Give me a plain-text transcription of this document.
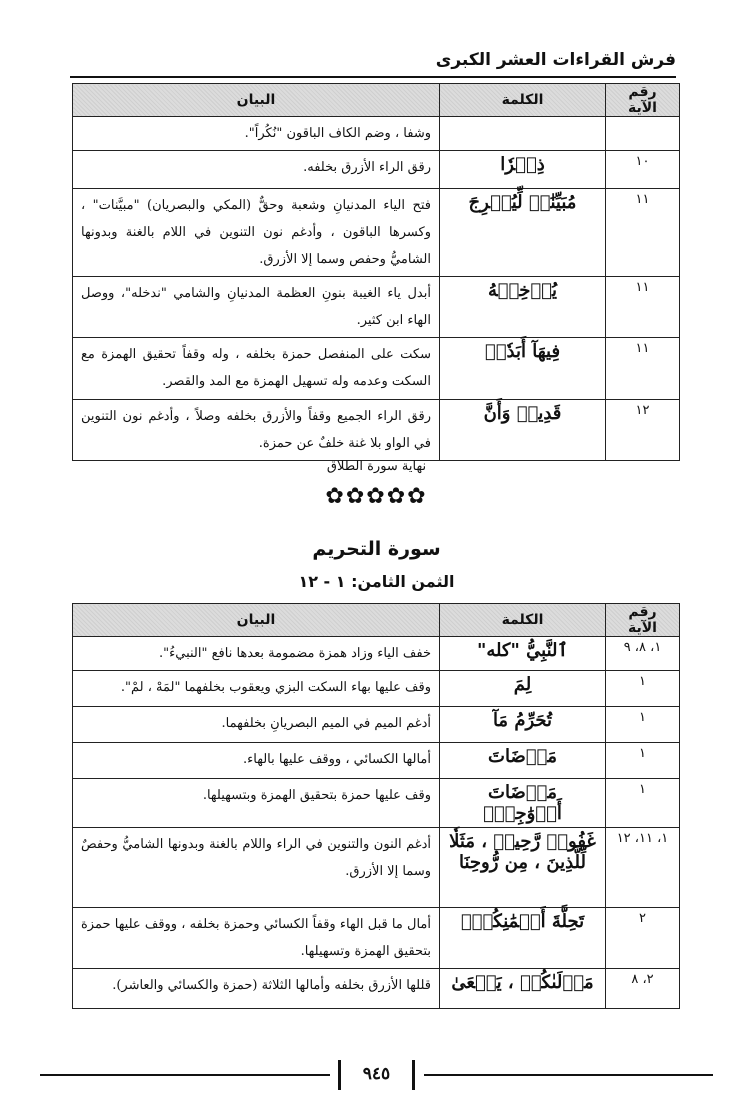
فرش القراءات العشر الكبرى
رقم الآية	الكلمة	البيان
		وشفا ، وضم الكاف الباقون "نُكُراً".
١٠	ذِكۡرٗا	رقق الراء الأزرق بخلفه.
١١	مُبَيِّنَٰتٖ لِّيُخۡرِجَ	فتح الياء المدنيانِ وشعبة وحقٌّ (المكي والبصريان) "مبيَّنات" ، وكسرها الباقون ، وأدغم نون التنوين في اللام بالغنة وبدونها الشاميُّ وحفص وسما إلا الأزرق.
١١	يُدۡخِلۡهُ	أبدل ياء الغيبة بنونِ العظمة المدنيانِ والشامي "ندخله"، ووصل الهاء ابن كثير.
١١	فِيهَآ أَبَدٗاۖ	سكت على المنفصل حمزة بخلفه ، وله وقفاً تحقيق الهمزة مع السكت وعدمه وله تسهيل الهمزة مع المد والقصر.
١٢	قَدِيرٞ وَأَنَّ	رقق الراء الجميع وقفاً والأزرق بخلفه وصلاً ، وأدغم نون التنوين في الواو بلا غنة خلفٌ عن حمزة.
نهاية سورة الطلاق
✿✿✿✿✿
سورة التحريم
الثمن الثامن: ١ - ١٢
رقم الآية	الكلمة	البيان
١، ٨، ٩	ٱلنَّبِيُّ "كله"	خفف الياء وزاد همزة مضمومة بعدها نافع "النبيءُ".
١	لِمَ	وقف عليها بهاء السكت البزي ويعقوب بخلفهما "لمَهْ ، لمْ".
١	تُحَرِّمُ مَآ	أدغم الميم في الميم البصريانِ بخلفهما.
١	مَرۡضَاتَ	أمالها الكسائي ، ووقف عليها بالهاء.
١	مَرۡضَاتَ أَزۡوَٰجِكَۚ	وقف عليها حمزة بتحقيق الهمزة وبتسهيلها.
١، ١١، ١٢	غَفُورٞ رَّحِيمٞ ، مَثَلٗا لِّلَّذِينَ ، مِن رُّوحِنَا	أدغم النون والتنوين في الراء واللام بالغنة وبدونها الشاميُّ وحفصٌ وسما إلا الأزرق.
٢	تَحِلَّةَ أَيۡمَٰنِكُمۡۚ	أمال ما قبل الهاء وقفاً الكسائي وحمزة بخلفه ، ووقف عليها حمزة بتحقيق الهمزة وتسهيلها.
٢، ٨	مَوۡلَىٰكُمۡ ، يَسۡعَىٰ	قللها الأزرق بخلفه وأمالها الثلاثة (حمزة والكسائي والعاشر).
٩٤٥
